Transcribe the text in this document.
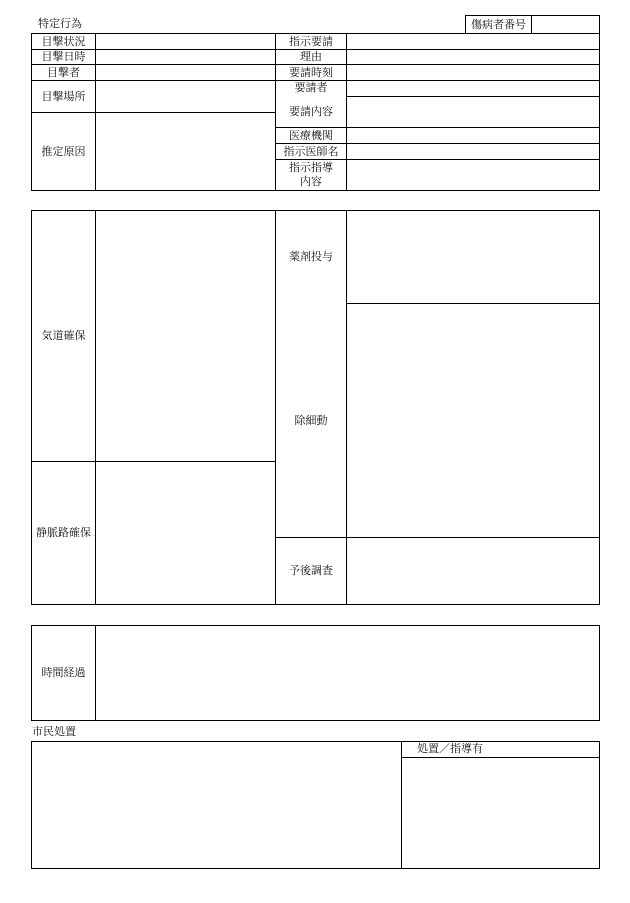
特定行為	傷病者番号
目撃状況
目撃日時
目撃者
目撃場所
推定原因
指示要請
理由
要請時刻
要請者
要請内容
医療機関
指示医師名
指示指導
内容
気道確保
静脈路確保
薬剤投与
除細動
予後調査
時間経過
市民処置
処置／指導有
